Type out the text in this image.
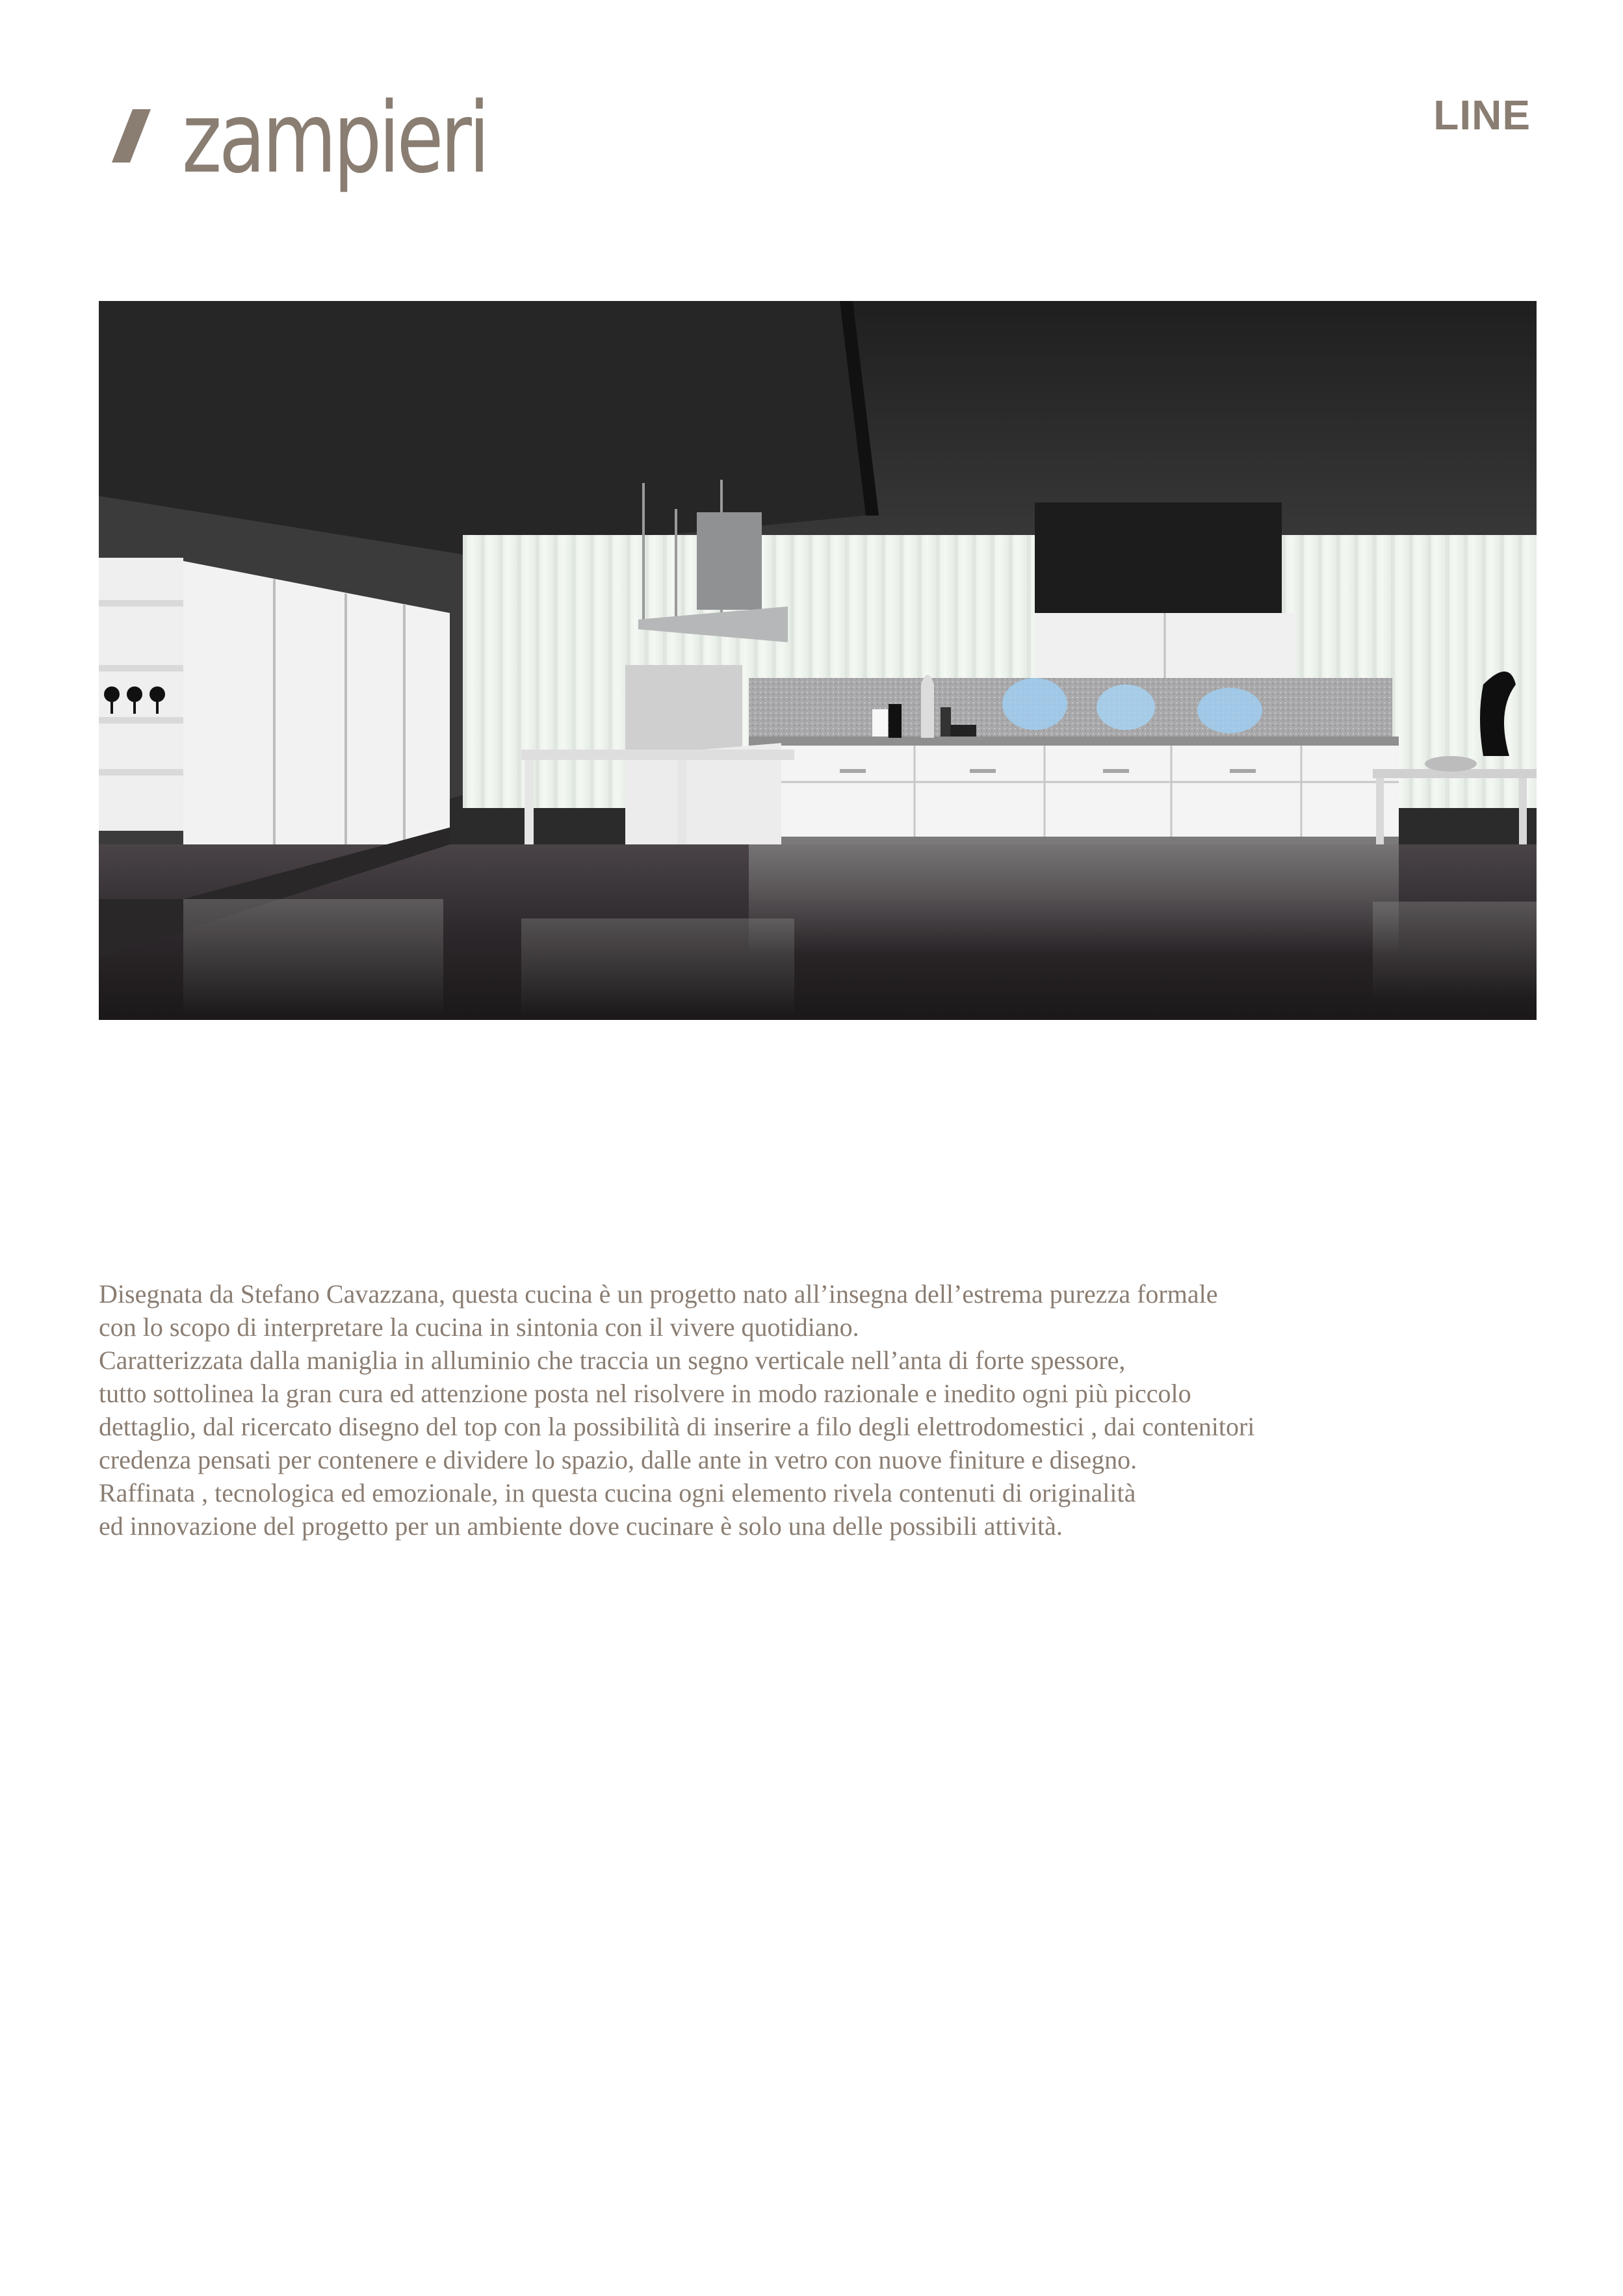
zampieri	LINE

Disegnata da Stefano Cavazzana, questa cucina è un progetto nato all’insegna dell’estrema purezza formale

con lo scopo di interpretare la cucina in sintonia con il vivere quotidiano.

Caratterizzata dalla maniglia in alluminio che traccia un segno verticale nell’anta di forte spessore,

tutto sottolinea la gran cura ed attenzione posta nel risolvere in modo razionale e inedito ogni più piccolo

dettaglio, dal ricercato disegno del top con la possibilità di inserire a filo degli elettrodomestici , dai contenitori

credenza pensati per contenere e dividere lo spazio, dalle ante in vetro con nuove finiture e disegno.

Raffinata , tecnologica ed emozionale, in questa cucina ogni elemento rivela contenuti di originalità

ed innovazione del progetto per un ambiente dove cucinare è solo una delle possibili attività.
